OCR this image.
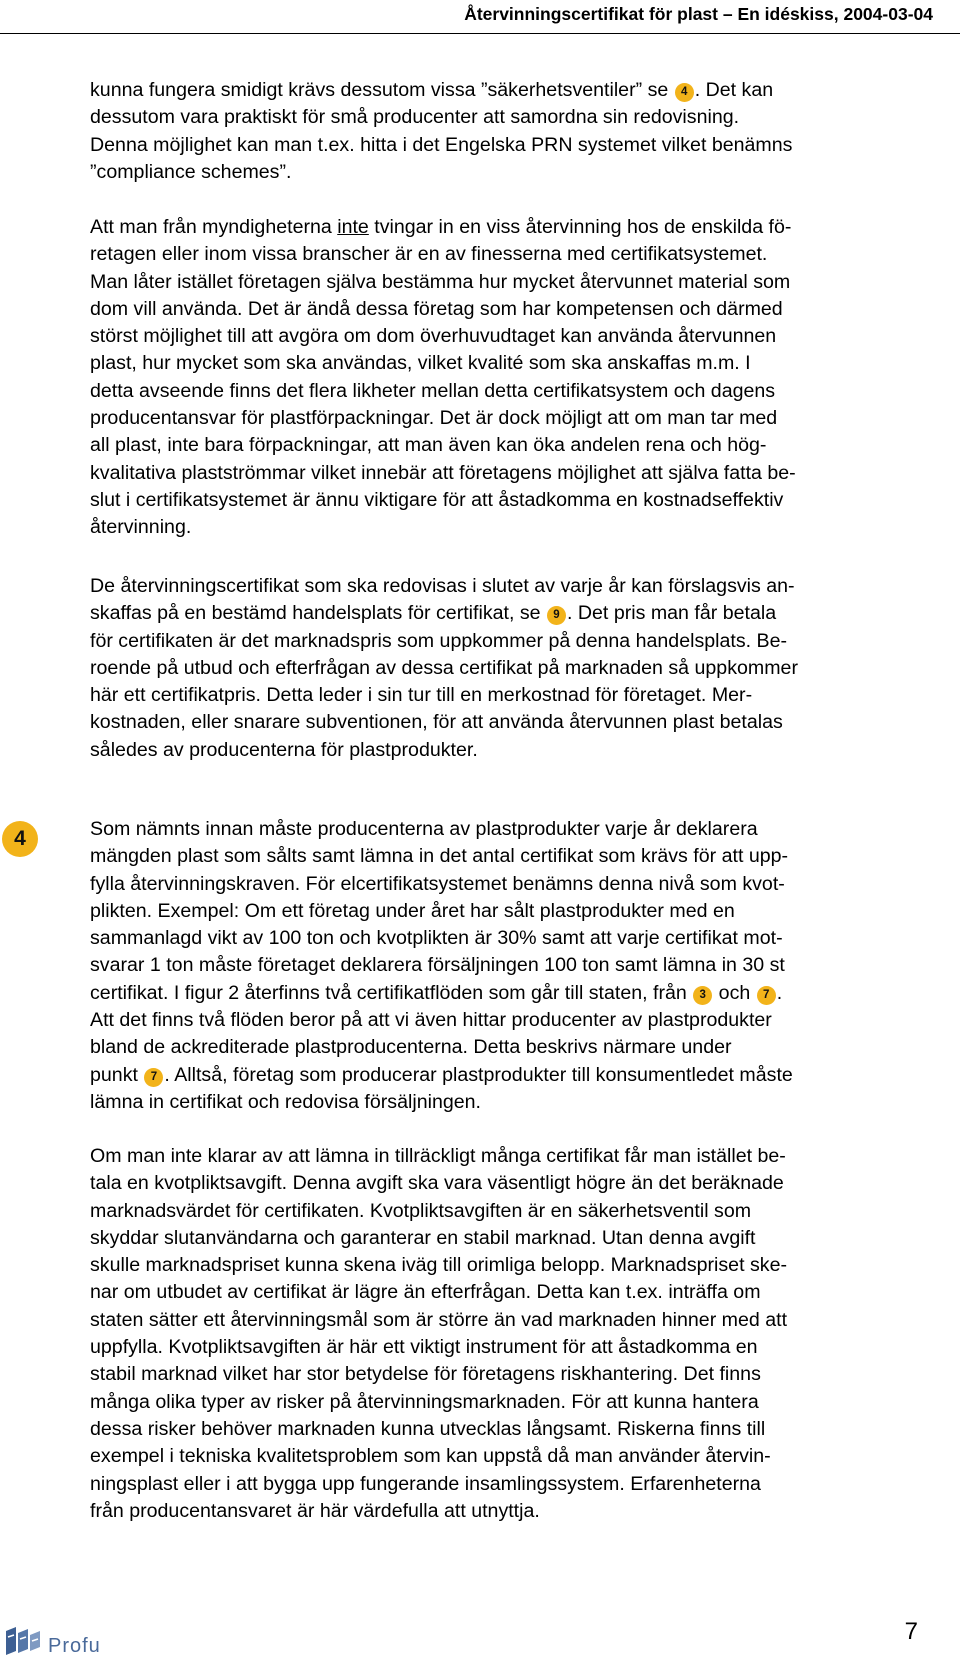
Återvinningscertifikat för plast – En idéskiss, 2004-03-04
kunna fungera smidigt krävs dessutom vissa ”säkerhetsventiler” se 4 . Det kan
dessutom vara praktiskt för små producenter att samordna sin redovisning.
Denna möjlighet kan man t.ex. hitta i det Engelska PRN systemet vilket benämns
”compliance schemes”.
Att man från myndigheterna inte tvingar in en viss återvinning hos de enskilda fö-
retagen eller inom vissa branscher är en av finesserna med certifikatsystemet.
Man låter istället företagen själva bestämma hur mycket återvunnet material som
dom vill använda. Det är ändå dessa företag som har kompetensen och därmed
störst möjlighet till att avgöra om dom överhuvudtaget kan använda återvunnen
plast, hur mycket som ska användas, vilket kvalité som ska anskaffas m.m. I
detta avseende finns det flera likheter mellan detta certifikatsystem och dagens
producentansvar för plastförpackningar. Det är dock möjligt att om man tar med
all plast, inte bara förpackningar, att man även kan öka andelen rena och hög-
kvalitativa plastströmmar vilket innebär att företagens möjlighet att själva fatta be-
slut i certifikatsystemet är ännu viktigare för att åstadkomma en kostnadseffektiv
återvinning.
De återvinningscertifikat som ska redovisas i slutet av varje år kan förslagsvis an-
skaffas på en bestämd handelsplats för certifikat, se 9 . Det pris man får betala
för certifikaten är det marknadspris som uppkommer på denna handelsplats. Be-
roende på utbud och efterfrågan av dessa certifikat på marknaden så uppkommer
här ett certifikatpris. Detta leder i sin tur till en merkostnad för företaget. Mer-
kostnaden, eller snarare subventionen, för att använda återvunnen plast betalas
således av producenterna för plastprodukter.
4	Som nämnts innan måste producenterna av plastprodukter varje år deklarera
mängden plast som sålts samt lämna in det antal certifikat som krävs för att upp-
fylla återvinningskraven. För elcertifikatsystemet benämns denna nivå som kvot-
plikten. Exempel: Om ett företag under året har sålt plastprodukter med en
sammanlagd vikt av 100 ton och kvotplikten är 30% samt att varje certifikat mot-
svarar 1 ton måste företaget deklarera försäljningen 100 ton samt lämna in 30 st
certifikat. I figur 2 återfinns två certifikatflöden som går till staten, från 3 och 7 .
Att det finns två flöden beror på att vi även hittar producenter av plastprodukter
bland de ackrediterade plastproducenterna. Detta beskrivs närmare under
punkt 7 . Alltså, företag som producerar plastprodukter till konsumentledet måste
lämna in certifikat och redovisa försäljningen.
Om man inte klarar av att lämna in tillräckligt många certifikat får man istället be-
tala en kvotpliktsavgift. Denna avgift ska vara väsentligt högre än det beräknade
marknadsvärdet för certifikaten. Kvotpliktsavgiften är en säkerhetsventil som
skyddar slutanvändarna och garanterar en stabil marknad. Utan denna avgift
skulle marknadspriset kunna skena iväg till orimliga belopp. Marknadspriset ske-
nar om utbudet av certifikat är lägre än efterfrågan. Detta kan t.ex. inträffa om
staten sätter ett återvinningsmål som är större än vad marknaden hinner med att
uppfylla. Kvotpliktsavgiften är här ett viktigt instrument för att åstadkomma en
stabil marknad vilket har stor betydelse för företagens riskhantering. Det finns
många olika typer av risker på återvinningsmarknaden. För att kunna hantera
dessa risker behöver marknaden kunna utvecklas långsamt. Riskerna finns till
exempel i tekniska kvalitetsproblem som kan uppstå då man använder återvin-
ningsplast eller i att bygga upp fungerande insamlingssystem. Erfarenheterna
från producentansvaret är här värdefulla att utnyttja.
Profu
7
